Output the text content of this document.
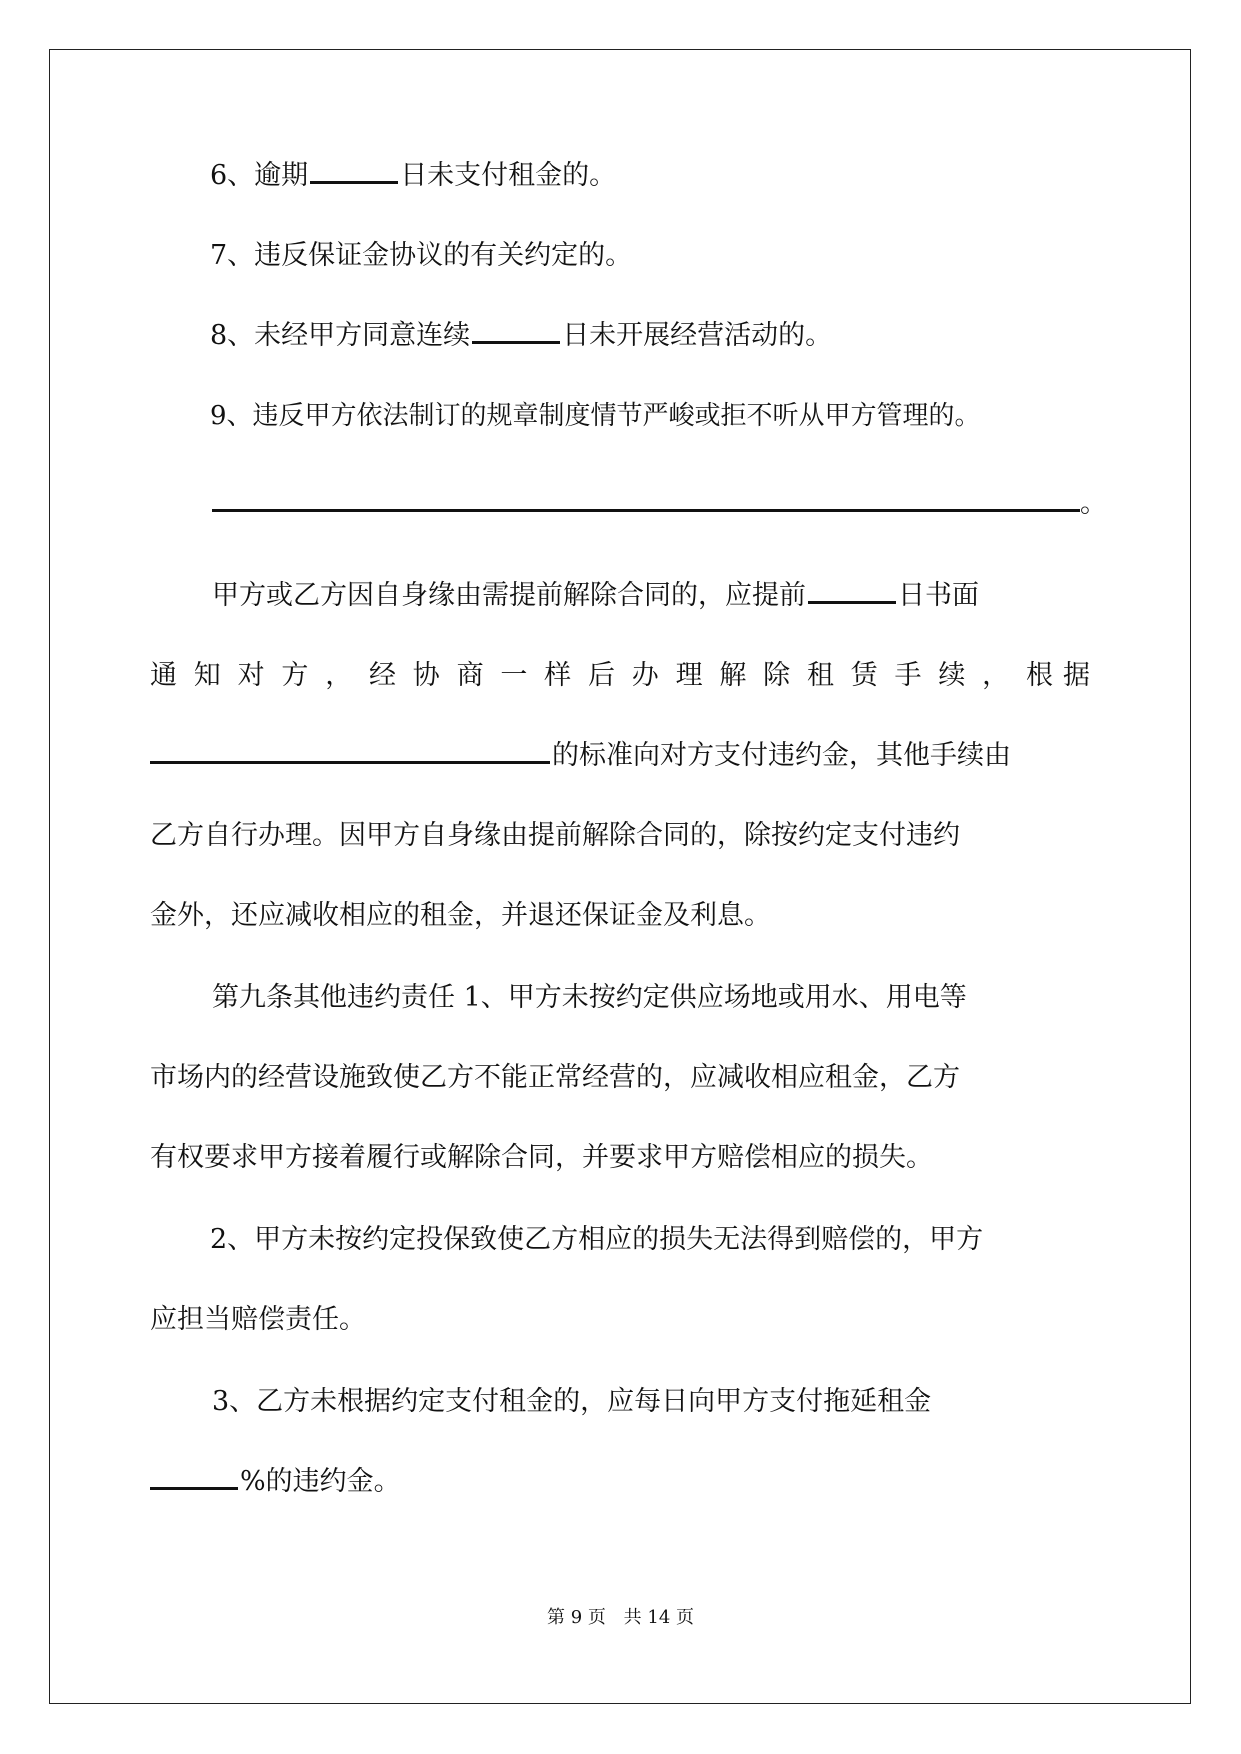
6、逾期	日未支付租金的。
7、违反保证金协议的有关约定的。
8、未经甲方同意连续	日未开展经营活动的。
9、违反甲方依法制订的规章制度情节严峻或拒不听从甲方管理的。
。
甲方或乙方因自身缘由需提前解除合同的，应提前	日书面
通 知 对 方 ， 经 协 商 一 样 后 办 理 解 除 租 赁 手 续 ， 根 据
的标准向对方支付违约金，其他手续由
乙方自行办理。因甲方自身缘由提前解除合同的，除按约定支付违约
金外，还应减收相应的租金，并退还保证金及利息。
第九条其他违约责任 1、甲方未按约定供应场地或用水、用电等
市场内的经营设施致使乙方不能正常经营的，应减收相应租金，乙方
有权要求甲方接着履行或解除合同，并要求甲方赔偿相应的损失。
2、甲方未按约定投保致使乙方相应的损失无法得到赔偿的，甲方
应担当赔偿责任。
3、乙方未根据约定支付租金的，应每日向甲方支付拖延租金
%的违约金。
第 9 页 共 14 页
